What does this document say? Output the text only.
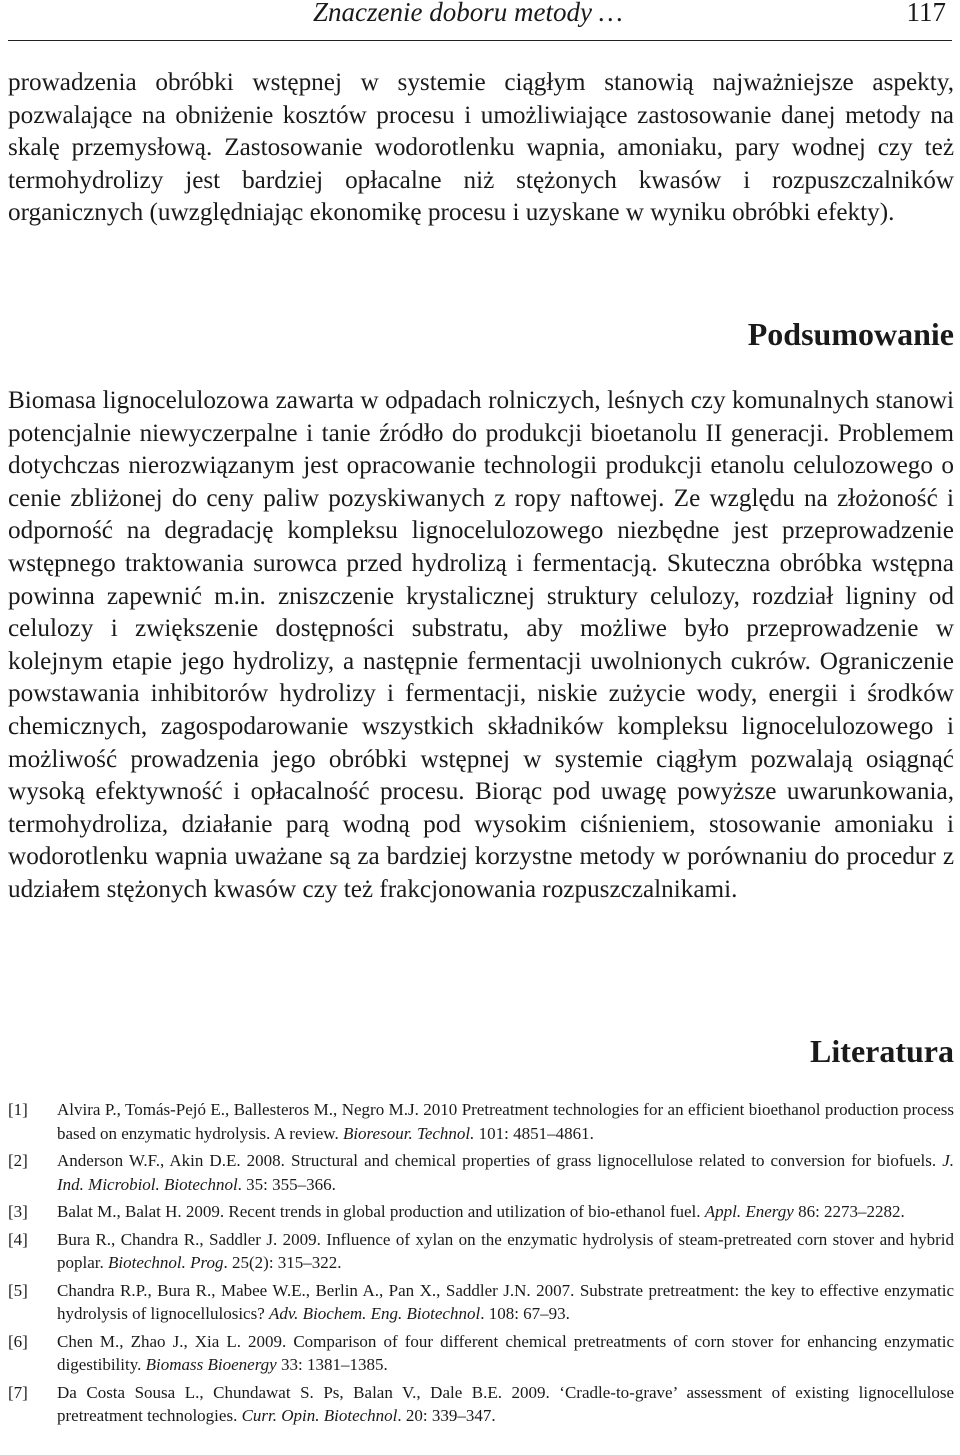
Znaczenie doboru metody …	117

prowadzenia obróbki wstępnej w systemie ciągłym stanowią najważniejsze aspekty, pozwalające na obniżenie kosztów procesu i umożliwiające zastosowanie danej metody na skalę przemysłową. Zastosowanie wodorotlenku wapnia, amoniaku, pary wodnej czy też termohydrolizy jest bardziej opłacalne niż stężonych kwasów i rozpuszczalników organicznych (uwzględniając ekonomikę procesu i uzyskane w wyniku obróbki efekty).

Podsumowanie

Biomasa lignocelulozowa zawarta w odpadach rolniczych, leśnych czy komunalnych stanowi potencjalnie niewyczerpalne i tanie źródło do produkcji bioetanolu II generacji. Problemem dotychczas nierozwiązanym jest opracowanie technologii produkcji etanolu celulozowego o cenie zbliżonej do ceny paliw pozyskiwanych z ropy naftowej. Ze względu na złożoność i odporność na degradację kompleksu lignocelulozowego niezbędne jest przeprowadzenie wstępnego traktowania surowca przed hydrolizą i fermentacją. Skuteczna obróbka wstępna powinna zapewnić m.in. zniszczenie krystalicznej struktury celulozy, rozdział ligniny od celulozy i zwiększenie dostępności substratu, aby możliwe było przeprowadzenie w kolejnym etapie jego hydrolizy, a następnie fermentacji uwolnionych cukrów. Ograniczenie powstawania inhibitorów hydrolizy i fermentacji, niskie zużycie wody, energii i środków chemicznych, zagospodarowanie wszystkich składników kompleksu lignocelulozowego i możliwość prowadzenia jego obróbki wstępnej w systemie ciągłym pozwalają osiągnąć wysoką efektywność i opłacalność procesu. Biorąc pod uwagę powyższe uwarunkowania, termohydroliza, działanie parą wodną pod wysokim ciśnieniem, stosowanie amoniaku i wodorotlenku wapnia uważane są za bardziej korzystne metody w porównaniu do procedur z udziałem stężonych kwasów czy też frakcjonowania rozpuszczalnikami.

Literatura
[1] Alvira P., Tomás-Pejó E., Ballesteros M., Negro M.J. 2010 Pretreatment technologies for an efficient bioethanol production process based on enzymatic hydrolysis. A review. Bioresour. Technol. 101: 4851–4861.
[2] Anderson W.F., Akin D.E. 2008. Structural and chemical properties of grass lignocellulose related to conversion for biofuels. J. Ind. Microbiol. Biotechnol. 35: 355–366.
[3] Balat M., Balat H. 2009. Recent trends in global production and utilization of bio-ethanol fuel. Appl. Energy 86: 2273–2282.
[4] Bura R., Chandra R., Saddler J. 2009. Influence of xylan on the enzymatic hydrolysis of steam-pretreated corn stover and hybrid poplar. Biotechnol. Prog. 25(2): 315–322.
[5] Chandra R.P., Bura R., Mabee W.E., Berlin A., Pan X., Saddler J.N. 2007. Substrate pretreatment: the key to effective enzymatic hydrolysis of lignocellulosics? Adv. Biochem. Eng. Biotechnol. 108: 67–93.
[6] Chen M., Zhao J., Xia L. 2009. Comparison of four different chemical pretreatments of corn stover for enhancing enzymatic digestibility. Biomass Bioenergy 33: 1381–1385.
[7] Da Costa Sousa L., Chundawat S. Ps, Balan V., Dale B.E. 2009. ‘Cradle-to-grave’ assessment of existing lignocellulose pretreatment technologies. Curr. Opin. Biotechnol. 20: 339–347.
